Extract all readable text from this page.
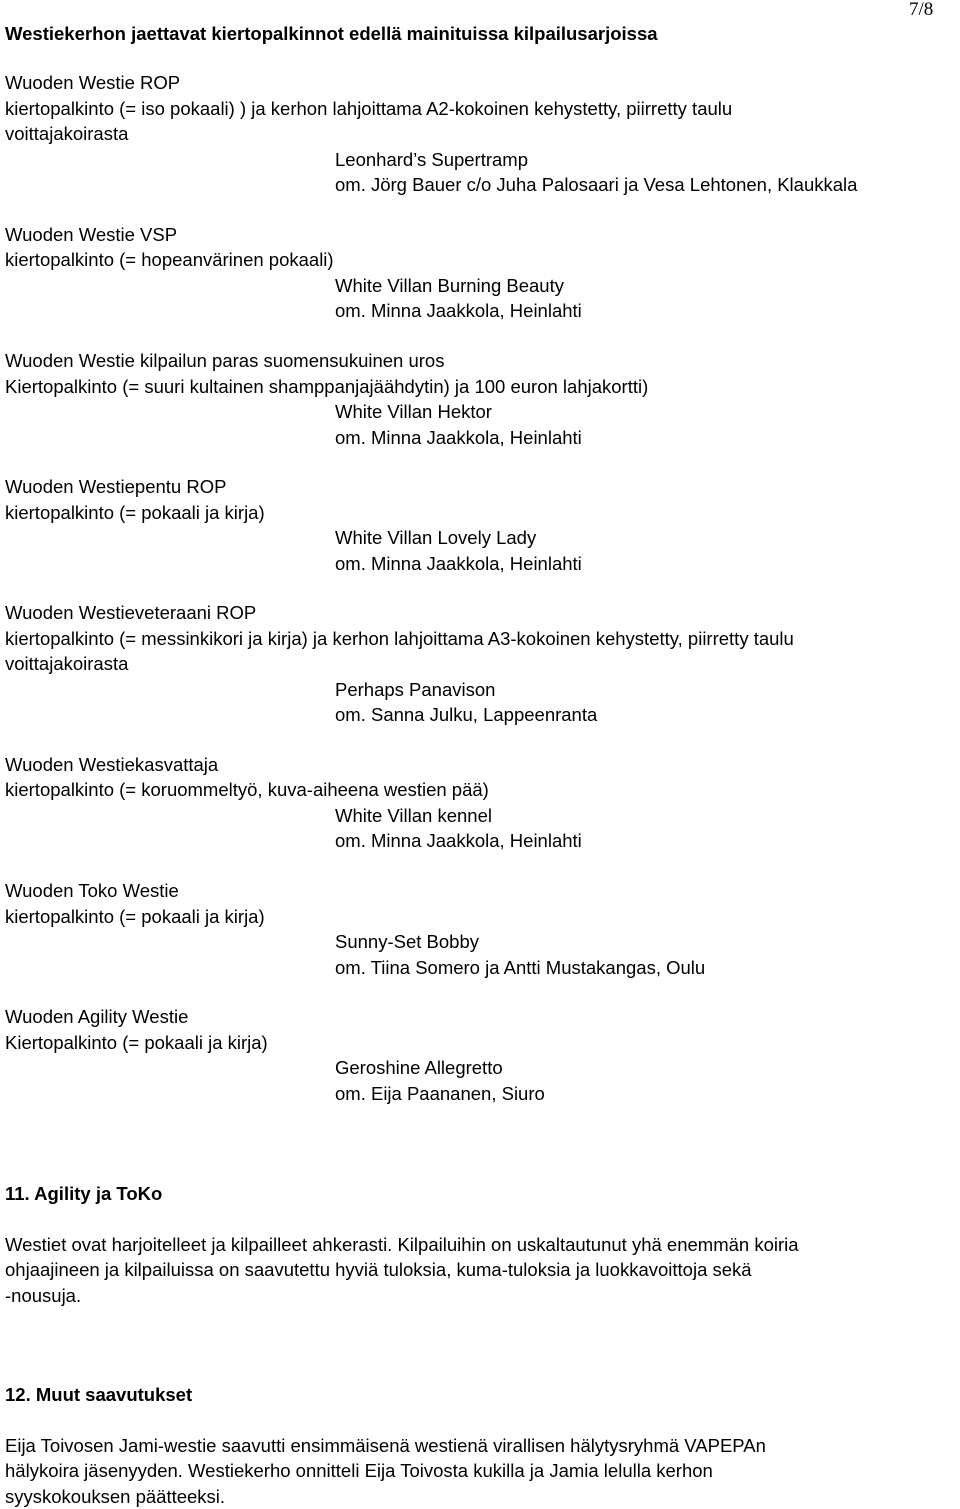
7/8
Westiekerhon jaettavat kiertopalkinnot edellä mainituissa kilpailusarjoissa
Wuoden Westie ROP
kiertopalkinto (= iso pokaali) ) ja kerhon lahjoittama A2-kokoinen kehystetty, piirretty taulu
voittajakoirasta
Leonhard’s Supertramp
om. Jörg Bauer c/o Juha Palosaari ja Vesa Lehtonen, Klaukkala
Wuoden Westie VSP
kiertopalkinto (= hopeanvärinen pokaali)
White Villan Burning Beauty
om. Minna Jaakkola, Heinlahti
Wuoden Westie kilpailun paras suomensukuinen uros
Kiertopalkinto (= suuri kultainen shamppanjajäähdytin) ja 100 euron lahjakortti)
White Villan Hektor
om. Minna Jaakkola, Heinlahti
Wuoden Westiepentu ROP
kiertopalkinto (= pokaali ja kirja)
White Villan Lovely Lady
om. Minna Jaakkola, Heinlahti
Wuoden Westieveteraani ROP
kiertopalkinto (= messinkikori ja kirja) ja kerhon lahjoittama A3-kokoinen kehystetty, piirretty taulu
voittajakoirasta
Perhaps Panavison
om. Sanna Julku, Lappeenranta
Wuoden Westiekasvattaja
kiertopalkinto (= koruommeltyö, kuva-aiheena westien pää)
White Villan kennel
om. Minna Jaakkola, Heinlahti
Wuoden Toko Westie
kiertopalkinto (= pokaali ja kirja)
Sunny-Set Bobby
om. Tiina Somero ja Antti Mustakangas, Oulu
Wuoden Agility Westie
Kiertopalkinto (= pokaali ja kirja)
Geroshine Allegretto
om. Eija Paananen, Siuro
11. Agility ja ToKo
Westiet ovat harjoitelleet ja kilpailleet ahkerasti. Kilpailuihin on uskaltautunut yhä enemmän koiria
ohjaajineen ja kilpailuissa on saavutettu hyviä tuloksia, kuma-tuloksia ja luokkavoittoja sekä
-nousuja.
12. Muut saavutukset
Eija Toivosen Jami-westie saavutti ensimmäisenä westienä virallisen hälytysryhmä VAPEPAn
hälykoira jäsenyyden. Westiekerho onnitteli Eija Toivosta kukilla ja Jamia lelulla kerhon
syyskokouksen päätteeksi.
